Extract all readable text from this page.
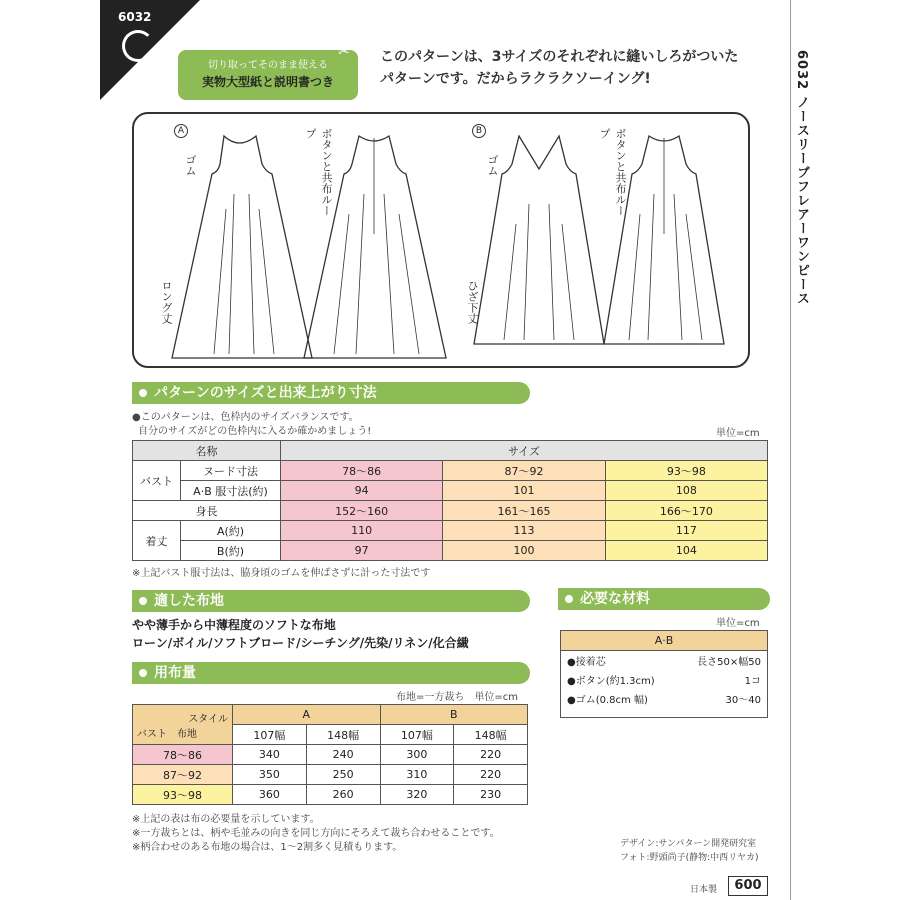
6032
切り取ってそのまま使える
実物大型紙と説明書つき
✂ このパターンは、3サイズのそれぞれに縫いしろがついた
パターンです。だからラクラクソーイング!	6032 ノースリーブフレアーワンピース
A
ゴム	ボタンと共布ループ
ロング丈
B
ゴム	ボタンと共布ループ
ひざ下丈
パターンのサイズと出来上がり寸法
●このパターンは、色枠内のサイズバランスです。
自分のサイズがどの色枠内に入るか確かめましょう!	単位=cm
名称		サイズ		
バスト	ヌード寸法	78〜86	87〜92	93〜98
	A·B 服寸法(約)	94	101	108
身長		152〜160	161〜165	166〜170
着丈	A(約)	110	113	117
	B(約)	97	100	104
※上記バスト服寸法は、脇身頃のゴムを伸ばさずに計った寸法です
適した布地
やや薄手から中薄程度のソフトな布地
ローン/ボイル/ソフトブロード/シーチング/先染/リネン/化合繊
用布量
布地=一方裁ち　単位=cm
スタイル
バスト　 布地	A		B	
	107幅	148幅	107幅	148幅
78〜86	340	240	300	220
87〜92	350	250	310	220
93〜98	360	260	320	230
※上記の表は布の必要量を示しています。
※一方裁ちとは、柄や毛並みの向きを同じ方向にそろえて裁ち合わせることです。
※柄合わせのある布地の場合は、1〜2割多く見積もります。
必要な材料
単位=cm
A·B
●接着芯	長さ50×幅50
●ボタン(約1.3cm)	1コ
●ゴム(0.8cm 幅)	30〜40
デザイン:サンパターン開発研究室
フォト:野頭尚子(静物:中西リヤカ)
日本製	600
